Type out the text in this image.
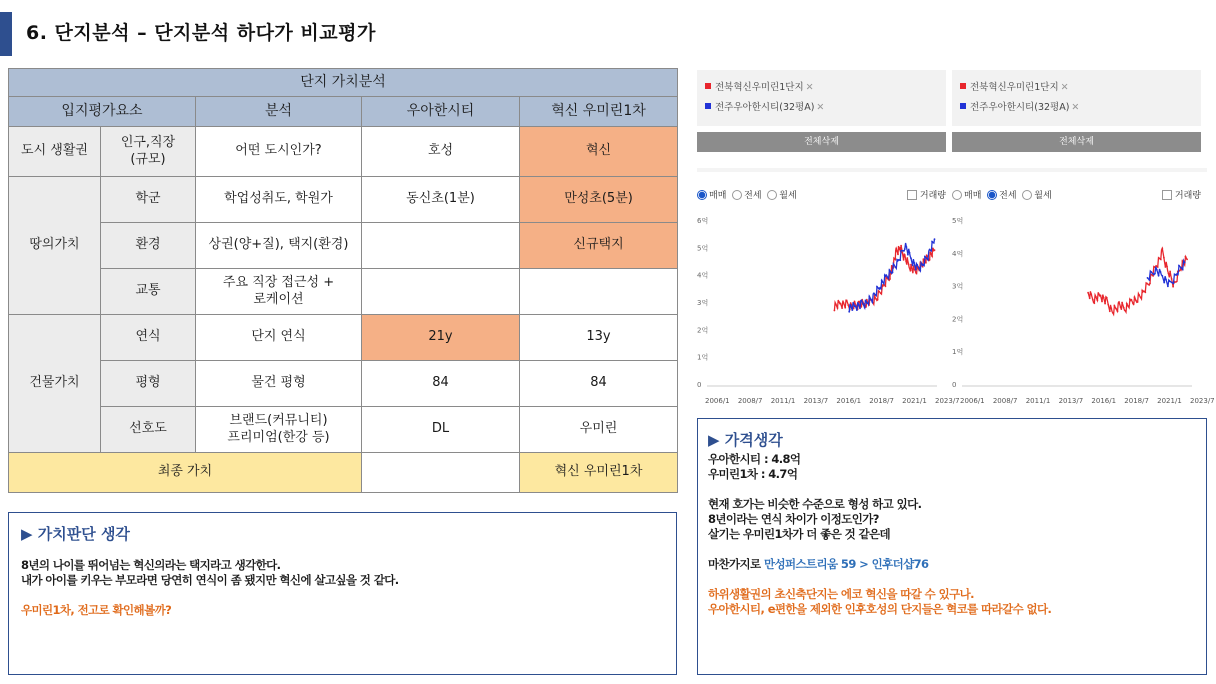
6. 단지분석 – 단지분석 하다가 비교평가
단지 가치분석				
입지평가요소		분석	우아한시티	혁신 우미린1차
도시 생활권	인구,직장
(규모)	어떤 도시인가?	호성	혁신
땅의가치	학군	학업성취도, 학원가	동신초(1분)	만성초(5분)
	환경	상권(양+질), 택지(환경)		신규택지
	교통	주요 직장 접근성 +
로케이션		
건물가치	연식	단지 연식	21y	13y
	평형	물건 평형	84	84
	선호도	브랜드(커뮤니티)
프리미엄(한강 등)	DL	우미린
최종 가치				혁신 우미린1차
▶ 가치판단 생각
8년의 나이를 뛰어넘는 혁신의라는 택지라고 생각한다.
내가 아이를 키우는 부모라면 당연히 연식이 좀 됐지만 혁신에 살고싶을 것 같다.
우미린1차, 전고로 확인해볼까?
전북혁신우미린1단지 ✕
전주우아한시티(32평A) ✕
전체삭제
매매 전세 월세	거래량
0
1억
2억
3억
4억
5억
6억
2006/1 2008/7 2011/1 2013/7 2016/1 2018/7 2021/1 2023/7
전북혁신우미린1단지 ✕
전주우아한시티(32평A) ✕
전체삭제
매매 전세 월세	거래량
0
1억
2억
3억
4억
5억
2006/1 2008/7 2011/1 2013/7 2016/1 2018/7 2021/1 2023/7
▶ 가격생각
우아한시티 : 4.8억
우미린1차 : 4.7억
현재 호가는 비슷한 수준으로 형성 하고 있다.
8년이라는 연식 차이가 이정도인가?
살기는 우미린1차가 더 좋은 것 같은데
마찬가지로 만성퍼스트리움 59 > 인후더샵76
하위생활권의 초신축단지는 에코 혁신을 따갈 수 있구나.
우아한시티, e편한을 제외한 인후호성의 단지들은 혁코를 따라갈수 없다.
